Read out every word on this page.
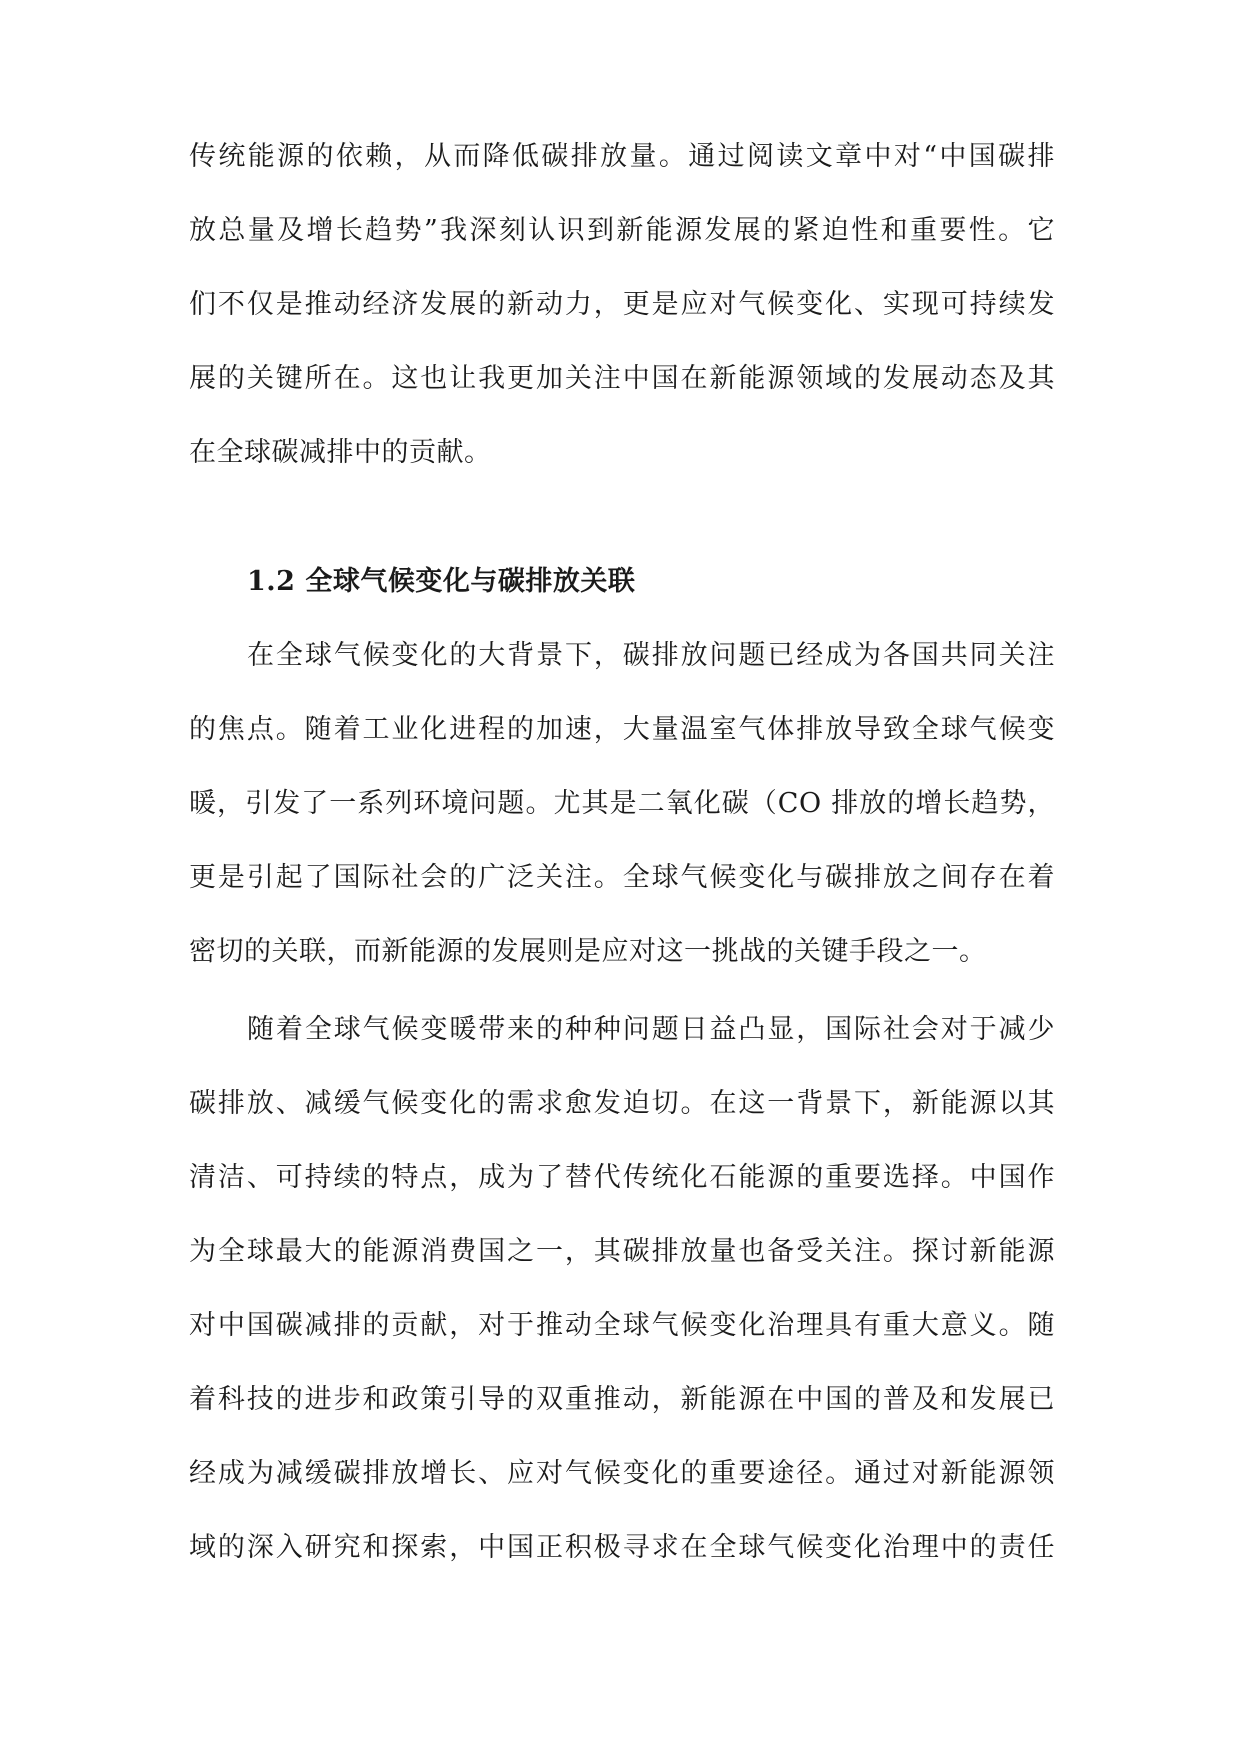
传统能源的依赖，从而降低碳排放量。通过阅读文章中对“中国碳排
放总量及增长趋势”我深刻认识到新能源发展的紧迫性和重要性。它
们不仅是推动经济发展的新动力，更是应对气候变化、实现可持续发
展的关键所在。这也让我更加关注中国在新能源领域的发展动态及其
在全球碳减排中的贡献。
1.2 全球气候变化与碳排放关联
在全球气候变化的大背景下，碳排放问题已经成为各国共同关注
的焦点。随着工业化进程的加速，大量温室气体排放导致全球气候变
暖，引发了一系列环境问题。尤其是二氧化碳（CO 排放的增长趋势，
更是引起了国际社会的广泛关注。全球气候变化与碳排放之间存在着
密切的关联，而新能源的发展则是应对这一挑战的关键手段之一。
随着全球气候变暖带来的种种问题日益凸显，国际社会对于减少
碳排放、减缓气候变化的需求愈发迫切。在这一背景下，新能源以其
清洁、可持续的特点，成为了替代传统化石能源的重要选择。中国作
为全球最大的能源消费国之一，其碳排放量也备受关注。探讨新能源
对中国碳减排的贡献，对于推动全球气候变化治理具有重大意义。随
着科技的进步和政策引导的双重推动，新能源在中国的普及和发展已
经成为减缓碳排放增长、应对气候变化的重要途径。通过对新能源领
域的深入研究和探索，中国正积极寻求在全球气候变化治理中的责任
